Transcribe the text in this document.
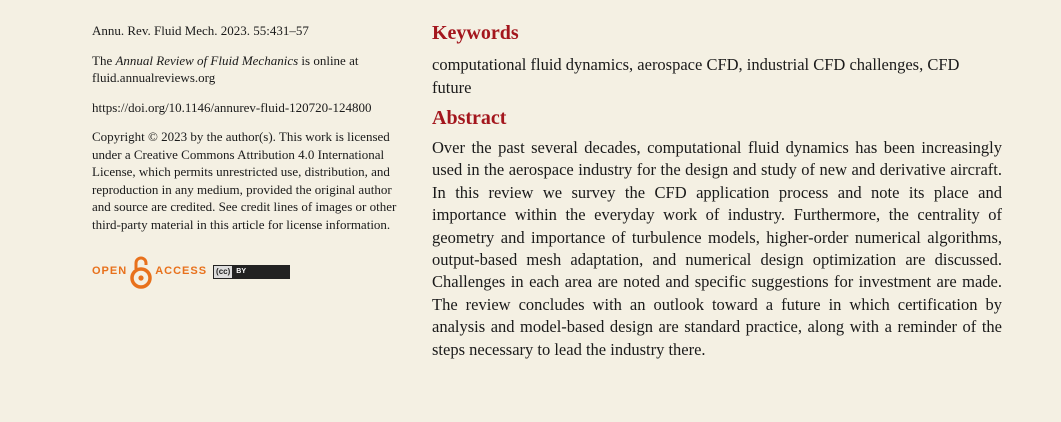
Annu. Rev. Fluid Mech. 2023. 55:431–57

The Annual Review of Fluid Mechanics is online at fluid.annualreviews.org

https://doi.org/10.1146/annurev-fluid-120720-124800

Copyright © 2023 by the author(s). This work is licensed under a Creative Commons Attribution 4.0 International License, which permits unrestricted use, distribution, and reproduction in any medium, provided the original author and source are credited. See credit lines of images or other third-party material in this article for license information.

OPEN	ACCESS (cc) BY
Keywords
computational fluid dynamics, aerospace CFD, industrial CFD challenges, CFD future
Abstract
Over the past several decades, computational fluid dynamics has been increasingly used in the aerospace industry for the design and study of new and derivative aircraft. In this review we survey the CFD application process and note its place and importance within the everyday work of industry. Furthermore, the centrality of geometry and importance of turbulence models, higher-order numerical algorithms, output-based mesh adaptation, and numerical design optimization are discussed. Challenges in each area are noted and specific suggestions for investment are made. The review concludes with an outlook toward a future in which certification by analysis and model-based design are standard practice, along with a reminder of the steps necessary to lead the industry there.
